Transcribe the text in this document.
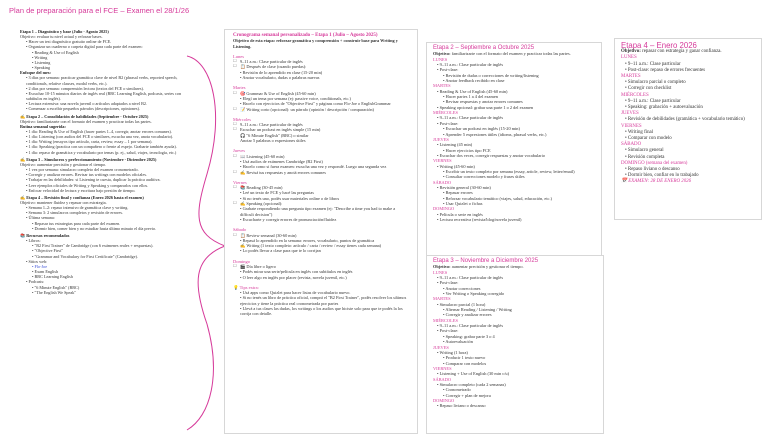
Plan de preparación para el FCE – Examen el 28/1/26
Etapa 1 – Diagnóstico y base (Julio - Agosto 2025)
Objetivo: evaluar tu nivel actual y reforzar bases.
• Hacer un test diagnóstico gratuito online de FCE.
• Organizar un cuaderno o carpeta digital para cada parte del examen:
• Reading & Use of English
• Writing
• Listening
• Speaking
Enfoque del mes:
• 3 días por semana: practicar gramática clave de nivel B2 (phrasal verbs, reported speech,
conditionals, relative clauses, modal verbs, etc.).
• 2 días por semana: comprensión lectora (textos del FCE o similares).
• Escuchar 10-15 minutos diarios de inglés real (BBC Learning English, podcasts, series con
subtítulos en inglés).
• Lectura extensiva: una novela juvenil o artículos adaptados a nivel B2.
• Comenzar a escribir pequeños párrafos (descripciones, opiniones).
✍ Etapa 2 – Consolidación de habilidades (Septiembre - Octubre 2025)
Objetivo: familiarizarte con el formato del examen y practicar todas las partes.
Rutina semanal sugerida:
• 1 día: Reading & Use of English (hacer partes 1–4, corregir, anotar errores comunes).
• 1 día: Listening (con audios del FCE o similares, escucha una vez, anota vocabulario).
• 1 día: Writing (ensayos tipo artículo, carta, review, essay – 1 por semana).
• 1 día: Speaking (practica con un compañero o frente al espejo. Grabarte también ayuda).
• 1 día: repaso de gramática y vocabulario por temas (p. ej., salud, viajes, tecnología, etc.)
✍ Etapa 3 – Simulacros y perfeccionamiento (Noviembre - Diciembre 2025)
Objetivo: aumentar precisión y gestionar el tiempo.
• 1 vez por semana: simulacro completo del examen cronometrado.
• Corregir y analizar errores. Revisar tus writings con modelos oficiales.
• Trabajar en las debilidades: si Listening te cuesta, duplicar la práctica auditiva.
• Leer ejemplos oficiales de Writing y Speaking y compararlos con ellos.
• Enfocar velocidad de lectura y escritura bajo presión de tiempo.
✍ Etapa 4 – Revisión final y confianza (Enero 2026 hasta el examen)
Objetivo: mantener fluidez y repasar con estrategia.
• Semana 1–2: repaso intensivo de gramática clave y writing.
• Semana 3: 2 simulacros completos y revisión de errores.
• Última semana:
• Repasar tus estrategias para cada parte del examen.
• Dormir bien, comer bien y no estudiar hasta último minuto el día previo.
📚 Recursos recomendados
• Libros:
• "B2 First Trainer" de Cambridge (con 6 exámenes reales + respuestas).
• "Objective First"
• "Grammar and Vocabulary for First Certificate" (Cambridge).
• Sitios web:
• Flo-Joe
• Exam English
• BBC Learning English
• Podcasts:
• "6 Minute English" (BBC)
• "The English We Speak"
Cronograma semanal personalizado – Etapa 1 (Julio – Agosto 2025)
Objetivo de esta etapa: reforzar gramática y comprensión + construir base para Writing y Listening.
Lunes
☐ 9–11 a.m.: Clase particular de inglés
☐ 📋 Después de clase (cuando puedas):
• Revisión de lo aprendido en clase (15-20 min)
• Anotar vocabulario, dudas o palabras nuevas
Martes
☐ 🎯 Grammar & Use of English (45-60 min)
• Elegí un tema por semana (ej: passive voice, conditionals, etc.)
• Hacelo con ejercicios de "Objective First" y páginas como Flo-Joe o EnglishGrammar
☐ 📝 Writing corto (opcional): un párrafo (opinión / descripción / comparación)
Miércoles
☐ 9–11 a.m.: Clase particular de inglés
☐ Escuchar un podcast en inglés simple (15 min)
🎧 "6 Minute English" (BBC) o similar
Anotar 5 palabras o expresiones útiles
Jueves
☐ 📖 Listening (45-60 min)
• Usá audios de exámenes Cambridge (B2 First)
• Hacelo como si fuera examen: escucha una vez y respondé. Luego una segunda vez
☐ ✍ Revisá tus respuestas y anotá errores comunes
Viernes
☐ 📚 Reading (30-45 min)
• Leé un texto de FCE y hacé las preguntas
• Si no tenés uno, podés usar materiales online o de libros
☐ ✍ Speaking (opcional):
• Grabate respondiendo una pregunta tipo examen (ej: "Describe a time you had to make a difficult decision")
• Escucharte y corregir errores de pronunciación/fluidez
Sábado
☐ 📋 Review semanal (30-60 min)
• Repasá lo aprendido en la semana: errores, vocabulario, puntos de gramática
✍ Writing (1 texto completo: artículo / carta / review / essay tienes cada semana)
• Lo podés llevar a clase para que te lo corrijan
Domingo
☐ 🎬 Día libre o ligero
• Podés mirar una serie/película en inglés con subtítulos en inglés
• O leer algo en inglés por placer (revista, novela juvenil, etc.)
💡 Tips extra:
• Usá apps como Quizlet para hacer listas de vocabulario nuevo.
• Si no tenés un libro de práctica oficial, comprá el "B2 First Trainer", podés resolver los ultimos ejercicios y tiene la práctica real cronometrada por partes
• Llevá a tus clases las dudas, los writings o los audios que hiciste solo para que te podés la los corrija con detalle.
Etapa 2 – Septiembre a Octubre 2025
Objetivo: familiarizarte con el formato del examen y practicar todas las partes.
LUNES
• 9–11 a.m.: Clase particular de inglés
• Post-clase:
• Revisión de dudas o correcciones de writing/listening
• Anotar feedback recibido en clase
MARTES
• Reading & Use of English (45-60 min)
• Hacer partes 1 a 4 del examen
• Revisar respuestas y anotar errores comunes
• Speaking opcional: grabar una parte 1 o 2 del examen
MIÉRCOLES
• 9–11 a.m.: Clase particular de inglés
• Post-clase:
• Escuchar un podcast en inglés (15-20 min)
• Aprender 5 expresiones útiles (idioms, phrasal verbs, etc.)
JUEVES
• Listening (45 min)
• Hacer ejercicios tipo FCE
• Escuchar dos veces, corregir respuestas y anotar vocabulario
VIERNES
• Writing (45-60 min)
• Escribir un texto completo por semana (essay, article, review, letter/email)
• Consultar correcciones modelo y frases útiles
SÁBADO
• Revisión general (30-60 min)
• Repasar errores
• Reforzar vocabulario temático (viajes, salud, educación, etc.)
• Usar Quizlet o fichas
DOMINGO
• Película o serie en inglés
• Lectura recreativa (revista/blog/novela juvenil)
Etapa 3 – Noviembre a Diciembre 2025
Objetivo: aumentar precisión y gestionar el tiempo.
LUNES
• 9–11 a.m.: Clase particular de inglés
• Post-clase:
• Anotar correcciones
• Ver Writing o Speaking corregido
MARTES
• Simulacro parcial (1 hora)
• Alternar Reading / Listening / Writing
• Corregir y analizar errores
MIÉRCOLES
• 9–11 a.m.: Clase particular de inglés
• Post-clase:
• Speaking: grabar parte 3 o 4
• Autoevaluación
JUEVES
• Writing (1 hora)
• Producir 1 texto nuevo
• Comparar con modelos
VIERNES
• Listening + Use of English (30 min c/u)
SÁBADO
• Simulacro completo (cada 2 semanas)
• Cronometrado
• Corregir + plan de mejora
DOMINGO
• Repaso liviano o descanso
Etapa 4 – Enero 2026
Objetivo: repasar con estrategia y ganar confianza.
LUNES
• 9–11 a.m.: Clase particular
• Post-clase: repaso de errores frecuentes
MARTES
• Simulacro parcial o completo
• Corregir con checklist
MIÉRCOLES
• 9–11 a.m.: Clase particular
• Speaking: grabación + autoevaluación
JUEVES
• Revisión de debilidades (gramática + vocabulario temático)
VIERNES
• Writing final
• Comparar con modelo
SÁBADO
• Simulacro general
• Revisión completa
DOMINGO (semana del examen)
• Repaso liviano o descanso
• Dormir bien, confiar en lo trabajado
📅 EXAMEN: 28 DE ENERO 2026
